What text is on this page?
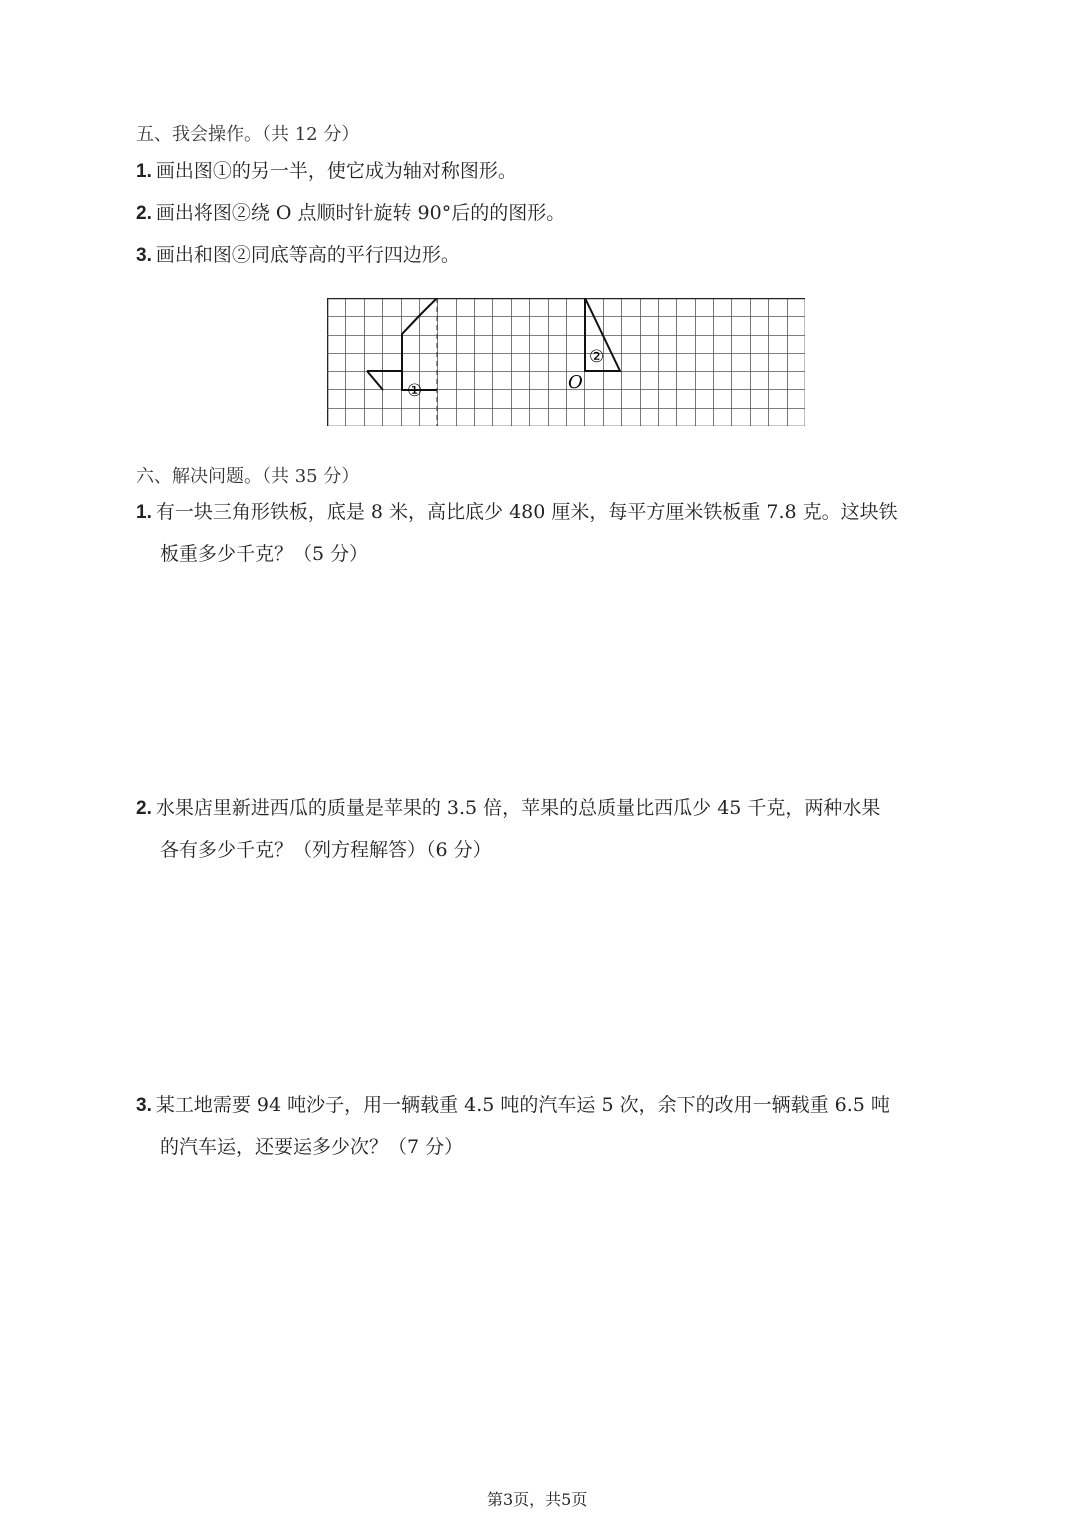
五、我会操作。（共 12 分）
1. 画出图①的另一半，使它成为轴对称图形。
2. 画出将图②绕 O 点顺时针旋转 90°后的的图形。
3. 画出和图②同底等高的平行四边形。
①
②
O
六、解决问题。（共 35 分）
1. 有一块三角形铁板，底是 8 米，高比底少 480 厘米，每平方厘米铁板重 7.8 克。这块铁
板重多少千克？（5 分）
2. 水果店里新进西瓜的质量是苹果的 3.5 倍，苹果的总质量比西瓜少 45 千克，两种水果
各有多少千克？（列方程解答）（6 分）
3. 某工地需要 94 吨沙子，用一辆载重 4.5 吨的汽车运 5 次，余下的改用一辆载重 6.5 吨
的汽车运，还要运多少次？（7 分）
第3页，共5页
